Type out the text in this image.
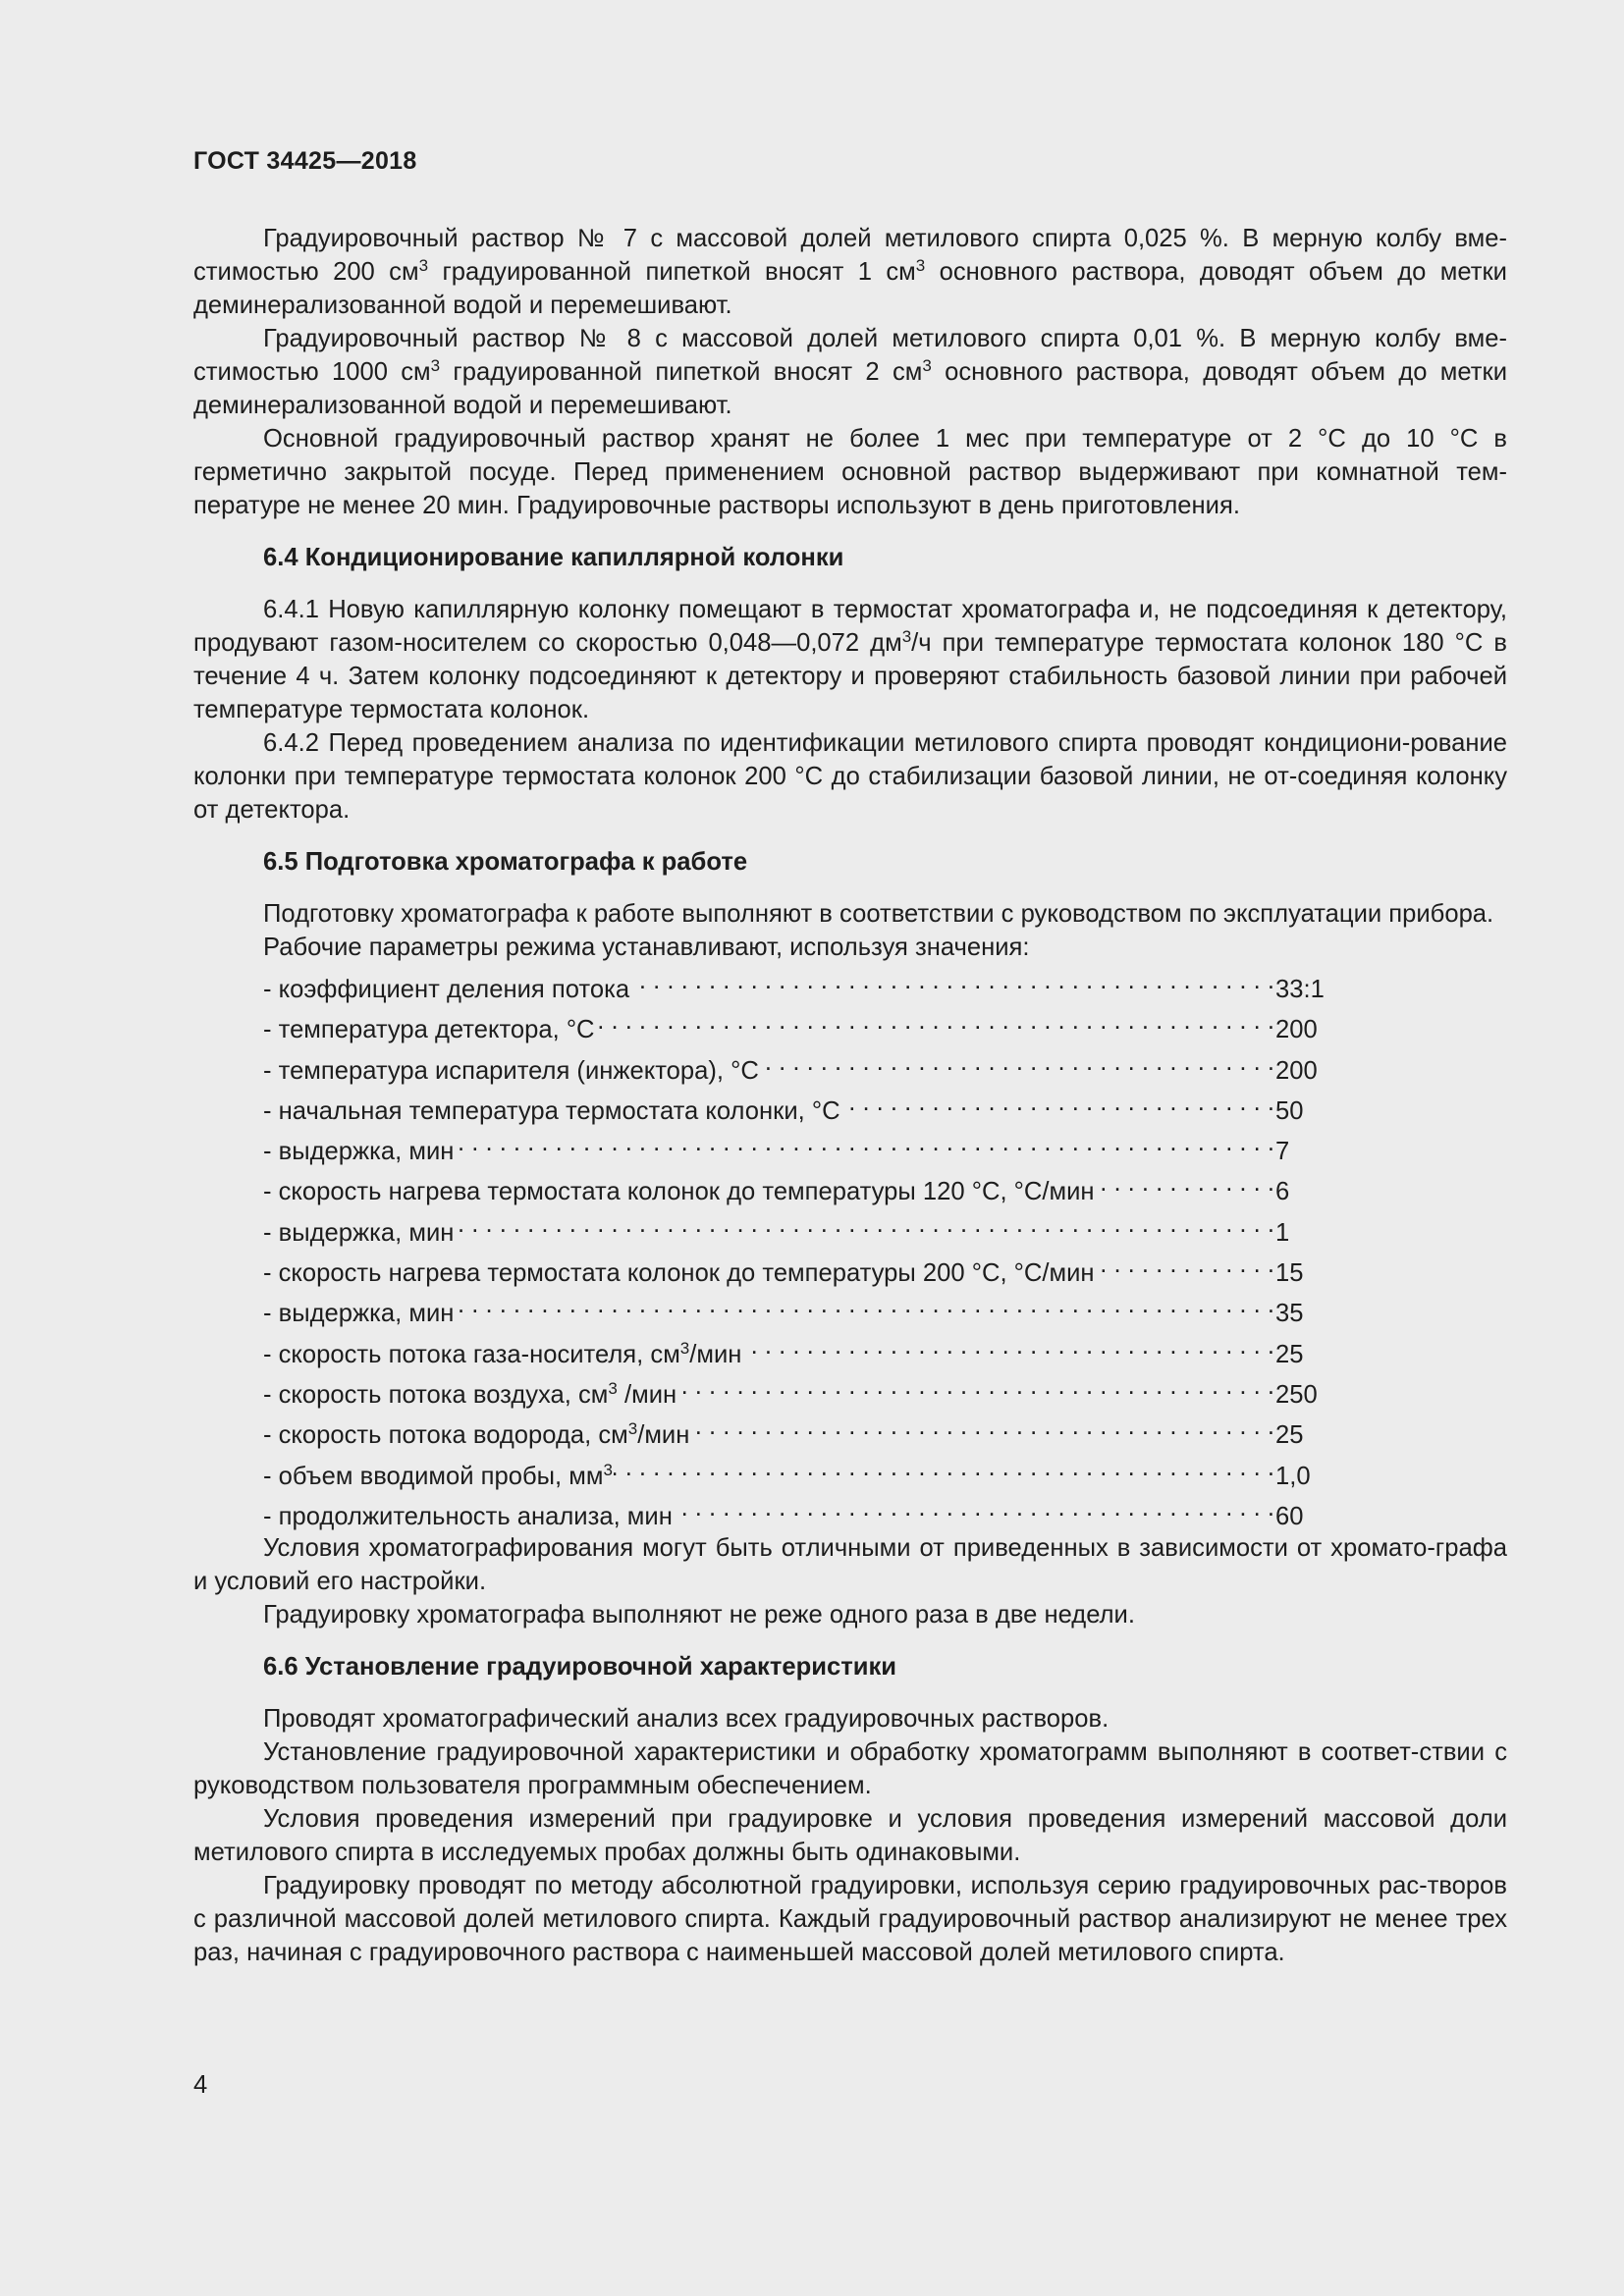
ГОСТ 34425—2018

Градуировочный раствор № 7 с массовой долей метилового спирта 0,025 %. В мерную колбу вме-стимостью 200 $см^3$ градуированной пипеткой вносят 1 $см^3$ основного раствора, доводят объем до метки деминерализованной водой и перемешивают.

Градуировочный раствор № 8 с массовой долей метилового спирта 0,01 %. В мерную колбу вме-стимостью 1000 $см^3$ градуированной пипеткой вносят 2 $см^3$ основного раствора, доводят объем до метки деминерализованной водой и перемешивают.

Основной градуировочный раствор хранят не более 1 мес при температуре от 2 °С до 10 °С в герметично закрытой посуде. Перед применением основной раствор выдерживают при комнатной тем-пературе не менее 20 мин. Градуировочные растворы используют в день приготовления.

6.4 Кондиционирование капиллярной колонки

6.4.1 Новую капиллярную колонку помещают в термостат хроматографа и, не подсоединяя к детектору, продувают газом-носителем со скоростью 0,048—0,072 $дм^3/ч$ при температуре термостата колонок 180 °С в течение 4 ч. Затем колонку подсоединяют к детектору и проверяют стабильность базовой линии при рабочей температуре термостата колонок.

6.4.2 Перед проведением анализа по идентификации метилового спирта проводят кондициони-рование колонки при температуре термостата колонок 200 °С до стабилизации базовой линии, не от-соединяя колонку от детектора.

6.5 Подготовка хроматографа к работе

Подготовку хроматографа к работе выполняют в соответствии с руководством по эксплуатации прибора.

Рабочие параметры режима устанавливают, используя значения:

- коэффициент деления потока . . .	33:1
- температура детектора, °С . . .	200
- температура испарителя (инжектора), °С . . .	200
- начальная температура термостата колонки, °С . . .	50
- выдержка, мин . . .	7
- скорость нагрева термостата колонок до температуры 120 °С, °С/мин . . .	6
- выдержка, мин . . .	1
- скорость нагрева термостата колонок до температуры 200 °С, °С/мин . . .	15
- выдержка, мин . . .	35
- скорость потока газа-носителя, $см^3$/мин . . .	25
- скорость потока воздуха, $см^3$ /мин . . .	250
- скорость потока водорода, $см^3$/мин . . .	25
- объем вводимой пробы, $мм^3$ . . .	1,0
- продолжительность анализа, мин . . .	60

Условия хроматографирования могут быть отличными от приведенных в зависимости от хромато-графа и условий его настройки.

Градуировку хроматографа выполняют не реже одного раза в две недели.

6.6 Установление градуировочной характеристики

Проводят хроматографический анализ всех градуировочных растворов.

Установление градуировочной характеристики и обработку хроматограмм выполняют в соответ-ствии с руководством пользователя программным обеспечением.

Условия проведения измерений при градуировке и условия проведения измерений массовой доли метилового спирта в исследуемых пробах должны быть одинаковыми.

Градуировку проводят по методу абсолютной градуировки, используя серию градуировочных рас-творов с различной массовой долей метилового спирта. Каждый градуировочный раствор анализируют не менее трех раз, начиная с градуировочного раствора с наименьшей массовой долей метилового спирта.

4
